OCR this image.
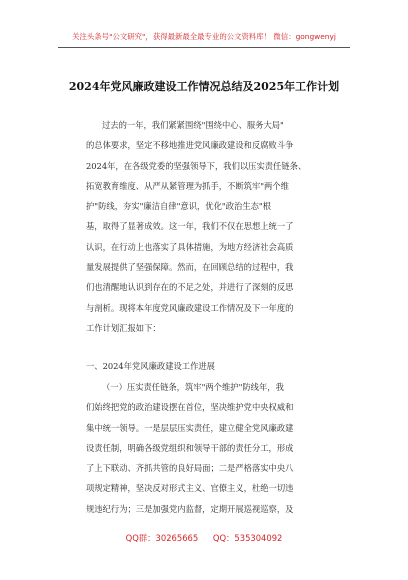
关注头条号"公文研究"，获得最新最全最专业的公文资料库！ 微信：gongwenyj
2024年党风廉政建设工作情况总结及2025年工作计划
过去的一年，我们紧紧围绕"围绕中心、服务大局"
的总体要求，坚定不移地推进党风廉政建设和反腐败斗争
2024年，在各级党委的坚强领导下，我们以压实责任链条、
拓宽教育维度、从严从紧管理为抓手，不断筑牢"两个维
护"防线，夯实"廉洁自律"意识，优化"政治生态"根
基，取得了显著成效。这一年，我们不仅在思想上统一了
认识，在行动上也落实了具体措施，为地方经济社会高质
量发展提供了坚强保障。然而，在回顾总结的过程中，我
们也清醒地认识到存在的不足之处，并进行了深刻的反思
与剖析。现将本年度党风廉政建设工作情况及下一年度的
工作计划汇报如下：
一、2024年党风廉政建设工作进展
（一）压实责任链条，筑牢"两个维护"防线年，我
们始终把党的政治建设摆在首位，坚决维护党中央权威和
集中统一领导。一是层层压实责任，建立健全党风廉政建
设责任制，明确各级党组织和领导干部的责任分工，形成
了上下联动、齐抓共管的良好局面；二是严格落实中央八
项规定精神，坚决反对形式主义、官僚主义，杜绝一切违
规违纪行为；三是加强党内监督，定期开展巡视巡察，及
QQ群：30265665 QQ：535304092
